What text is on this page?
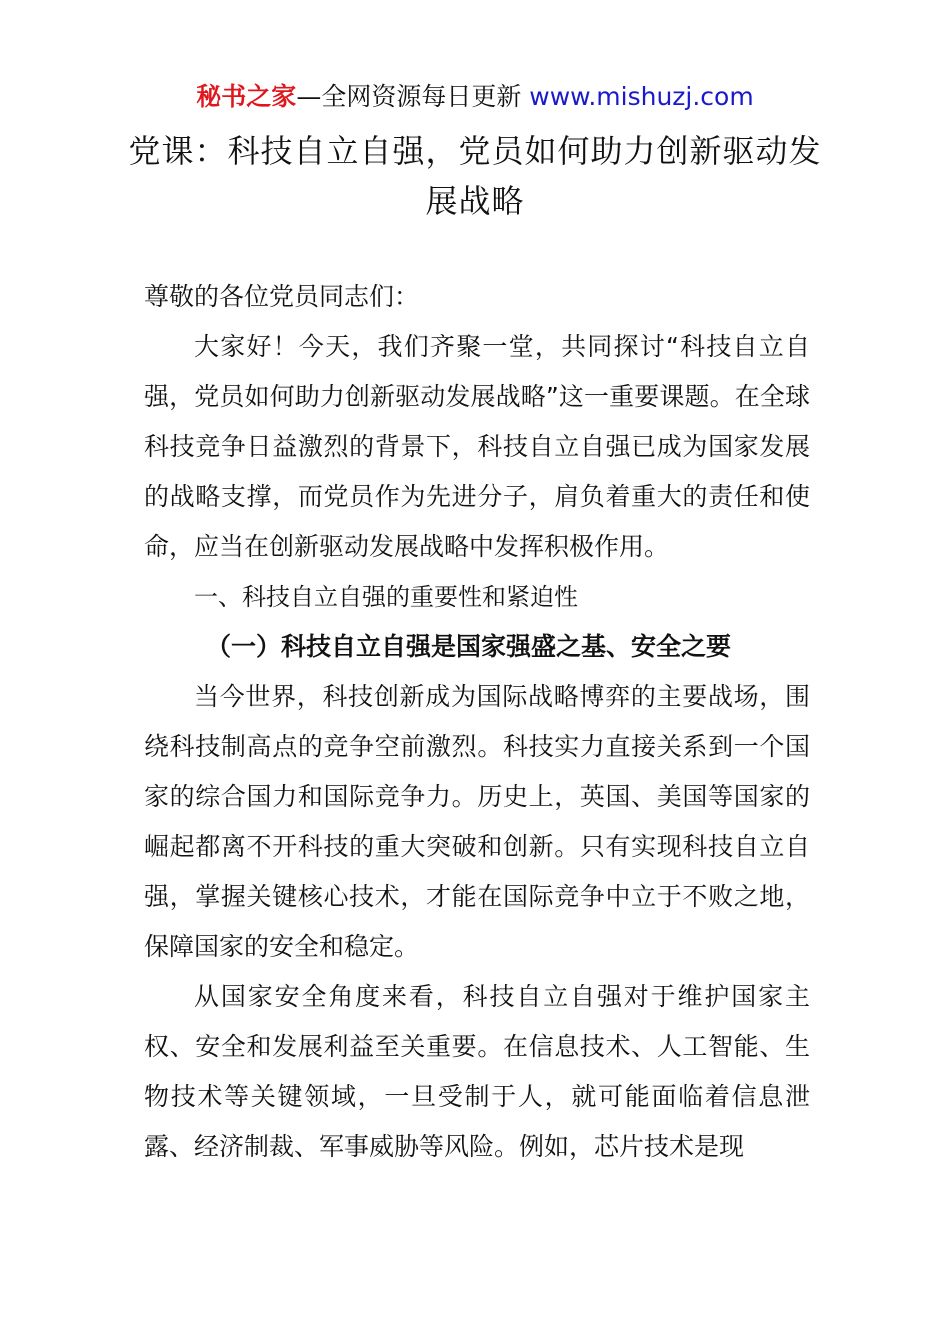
秘书之家—全网资源每日更新 www.mishuzj.com
党课：科技自立自强，党员如何助力创新驱动发展战略

尊敬的各位党员同志们：

大家好！今天，我们齐聚一堂，共同探讨“科技自立自强，党员如何助力创新驱动发展战略”这一重要课题。在全球科技竞争日益激烈的背景下，科技自立自强已成为国家发展的战略支撑，而党员作为先进分子，肩负着重大的责任和使命，应当在创新驱动发展战略中发挥积极作用。

一、科技自立自强的重要性和紧迫性

（一）科技自立自强是国家强盛之基、安全之要

当今世界，科技创新成为国际战略博弈的主要战场，围绕科技制高点的竞争空前激烈。科技实力直接关系到一个国家的综合国力和国际竞争力。历史上，英国、美国等国家的崛起都离不开科技的重大突破和创新。只有实现科技自立自强，掌握关键核心技术，才能在国际竞争中立于不败之地，保障国家的安全和稳定。

从国家安全角度来看，科技自立自强对于维护国家主权、安全和发展利益至关重要。在信息技术、人工智能、生物技术等关键领域，一旦受制于人，就可能面临着信息泄露、经济制裁、军事威胁等风险。例如，芯片技术是现
